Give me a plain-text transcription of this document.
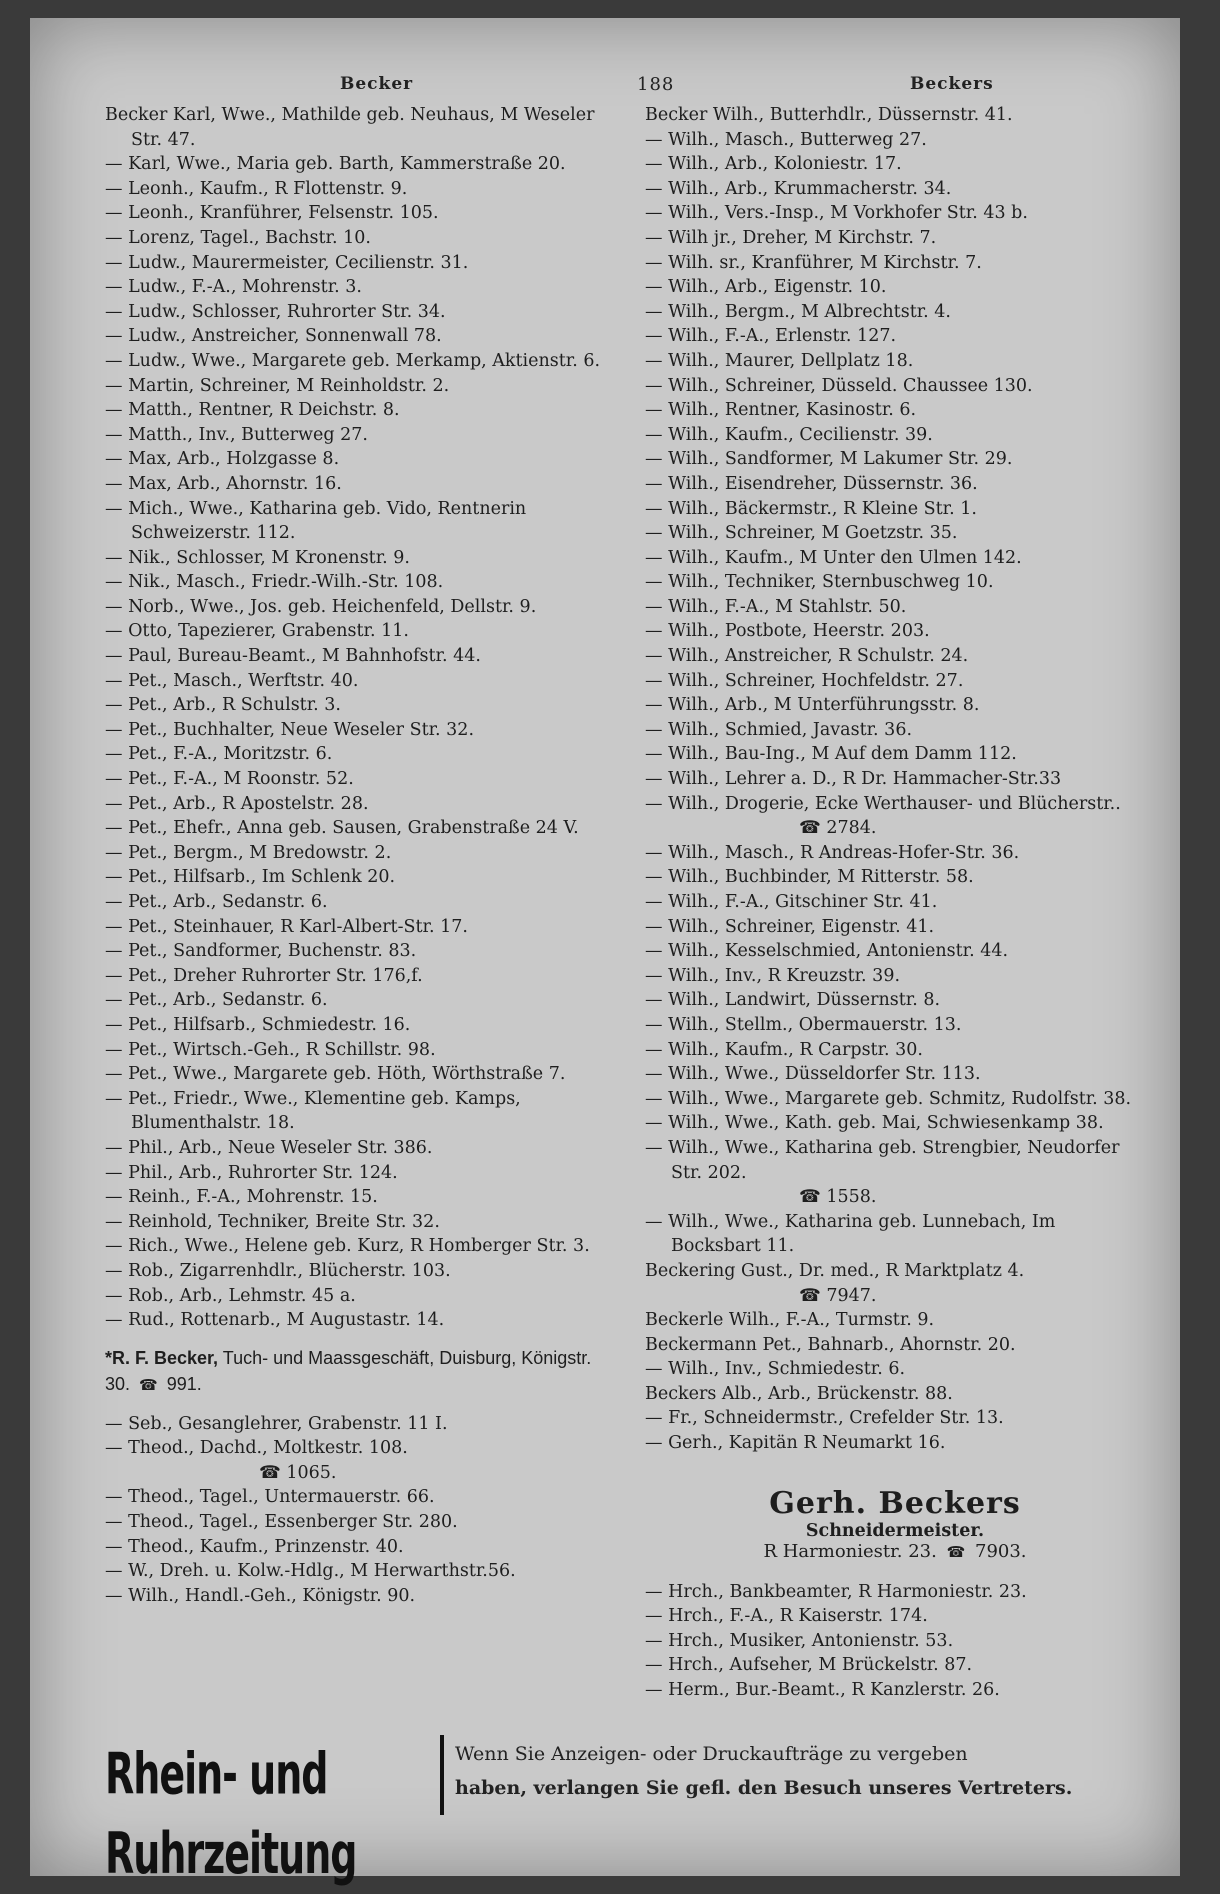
Becker	188	Beckers
Becker Karl, Wwe., Mathilde geb. Neuhaus, M Weseler Str. 47.
— Karl, Wwe., Maria geb. Barth, Kammerstraße 20.
— Leonh., Kaufm., R Flottenstr. 9.
— Leonh., Kranführer, Felsenstr. 105.
— Lorenz, Tagel., Bachstr. 10.
— Ludw., Maurermeister, Cecilienstr. 31.
— Ludw., F.-A., Mohrenstr. 3.
— Ludw., Schlosser, Ruhrorter Str. 34.
— Ludw., Anstreicher, Sonnenwall 78.
— Ludw., Wwe., Margarete geb. Merkamp, Aktienstr. 6.
— Martin, Schreiner, M Reinholdstr. 2.
— Matth., Rentner, R Deichstr. 8.
— Matth., Inv., Butterweg 27.
— Max, Arb., Holzgasse 8.
— Max, Arb., Ahornstr. 16.
— Mich., Wwe., Katharina geb. Vido, Rentnerin Schweizerstr. 112.
— Nik., Schlosser, M Kronenstr. 9.
— Nik., Masch., Friedr.-Wilh.-Str. 108.
— Norb., Wwe., Jos. geb. Heichenfeld, Dellstr. 9.
— Otto, Tapezierer, Grabenstr. 11.
— Paul, Bureau-Beamt., M Bahnhofstr. 44.
— Pet., Masch., Werftstr. 40.
— Pet., Arb., R Schulstr. 3.
— Pet., Buchhalter, Neue Weseler Str. 32.
— Pet., F.-A., Moritzstr. 6.
— Pet., F.-A., M Roonstr. 52.
— Pet., Arb., R Apostelstr. 28.
— Pet., Ehefr., Anna geb. Sausen, Grabenstraße 24 V.
— Pet., Bergm., M Bredowstr. 2.
— Pet., Hilfsarb., Im Schlenk 20.
— Pet., Arb., Sedanstr. 6.
— Pet., Steinhauer, R Karl-Albert-Str. 17.
— Pet., Sandformer, Buchenstr. 83.
— Pet., Dreher Ruhrorter Str. 176,f.
— Pet., Arb., Sedanstr. 6.
— Pet., Hilfsarb., Schmiedestr. 16.
— Pet., Wirtsch.-Geh., R Schillstr. 98.
— Pet., Wwe., Margarete geb. Höth, Wörthstraße 7.
— Pet., Friedr., Wwe., Klementine geb. Kamps, Blumenthalstr. 18.
— Phil., Arb., Neue Weseler Str. 386.
— Phil., Arb., Ruhrorter Str. 124.
— Reinh., F.-A., Mohrenstr. 15.
— Reinhold, Techniker, Breite Str. 32.
— Rich., Wwe., Helene geb. Kurz, R Homberger Str. 3.
— Rob., Zigarrenhdlr., Blücherstr. 103.
— Rob., Arb., Lehmstr. 45 a.
— Rud., Rottenarb., M Augustastr. 14.
*R. F. Becker, Tuch- und Maassgeschäft, Duisburg, Königstr. 30. ☎ 991.
— Seb., Gesanglehrer, Grabenstr. 11 I.
— Theod., Dachd., Moltkestr. 108.
☎ 1065.
— Theod., Tagel., Untermauerstr. 66.
— Theod., Tagel., Essenberger Str. 280.
— Theod., Kaufm., Prinzenstr. 40.
— W., Dreh. u. Kolw.-Hdlg., M Herwarthstr.56.
— Wilh., Handl.-Geh., Königstr. 90.
Becker Wilh., Butterhdlr., Düssernstr. 41.
— Wilh., Masch., Butterweg 27.
— Wilh., Arb., Koloniestr. 17.
— Wilh., Arb., Krummacherstr. 34.
— Wilh., Vers.-Insp., M Vorkhofer Str. 43 b.
— Wilh jr., Dreher, M Kirchstr. 7.
— Wilh. sr., Kranführer, M Kirchstr. 7.
— Wilh., Arb., Eigenstr. 10.
— Wilh., Bergm., M Albrechtstr. 4.
— Wilh., F.-A., Erlenstr. 127.
— Wilh., Maurer, Dellplatz 18.
— Wilh., Schreiner, Düsseld. Chaussee 130.
— Wilh., Rentner, Kasinostr. 6.
— Wilh., Kaufm., Cecilienstr. 39.
— Wilh., Sandformer, M Lakumer Str. 29.
— Wilh., Eisendreher, Düssernstr. 36.
— Wilh., Bäckermstr., R Kleine Str. 1.
— Wilh., Schreiner, M Goetzstr. 35.
— Wilh., Kaufm., M Unter den Ulmen 142.
— Wilh., Techniker, Sternbuschweg 10.
— Wilh., F.-A., M Stahlstr. 50.
— Wilh., Postbote, Heerstr. 203.
— Wilh., Anstreicher, R Schulstr. 24.
— Wilh., Schreiner, Hochfeldstr. 27.
— Wilh., Arb., M Unterführungsstr. 8.
— Wilh., Schmied, Javastr. 36.
— Wilh., Bau-Ing., M Auf dem Damm 112.
— Wilh., Lehrer a. D., R Dr. Hammacher-Str.33
— Wilh., Drogerie, Ecke Werthauser- und Blücherstr..
☎ 2784.
— Wilh., Masch., R Andreas-Hofer-Str. 36.
— Wilh., Buchbinder, M Ritterstr. 58.
— Wilh., F.-A., Gitschiner Str. 41.
— Wilh., Schreiner, Eigenstr. 41.
— Wilh., Kesselschmied, Antonienstr. 44.
— Wilh., Inv., R Kreuzstr. 39.
— Wilh., Landwirt, Düssernstr. 8.
— Wilh., Stellm., Obermauerstr. 13.
— Wilh., Kaufm., R Carpstr. 30.
— Wilh., Wwe., Düsseldorfer Str. 113.
— Wilh., Wwe., Margarete geb. Schmitz, Rudolfstr. 38.
— Wilh., Wwe., Kath. geb. Mai, Schwiesenkamp 38.
— Wilh., Wwe., Katharina geb. Strengbier, Neudorfer Str. 202.
☎ 1558.
— Wilh., Wwe., Katharina geb. Lunnebach, Im Bocksbart 11.
Beckering Gust., Dr. med., R Marktplatz 4.
☎ 7947.
Beckerle Wilh., F.-A., Turmstr. 9.
Beckermann Pet., Bahnarb., Ahornstr. 20.
— Wilh., Inv., Schmiedestr. 6.
Beckers Alb., Arb., Brückenstr. 88.
— Fr., Schneidermstr., Crefelder Str. 13.
— Gerh., Kapitän R Neumarkt 16.
Gerh. Beckers
Schneidermeister.
R Harmoniestr. 23. ☎ 7903.
— Hrch., Bankbeamter, R Harmoniestr. 23.
— Hrch., F.-A., R Kaiserstr. 174.
— Hrch., Musiker, Antonienstr. 53.
— Hrch., Aufseher, M Brückelstr. 87.
— Herm., Bur.-Beamt., R Kanzlerstr. 26.
Rhein- und Ruhrzeitung
Wenn Sie Anzeigen- oder Druckaufträge zu vergeben
haben, verlangen Sie gefl. den Besuch unseres Vertreters.
